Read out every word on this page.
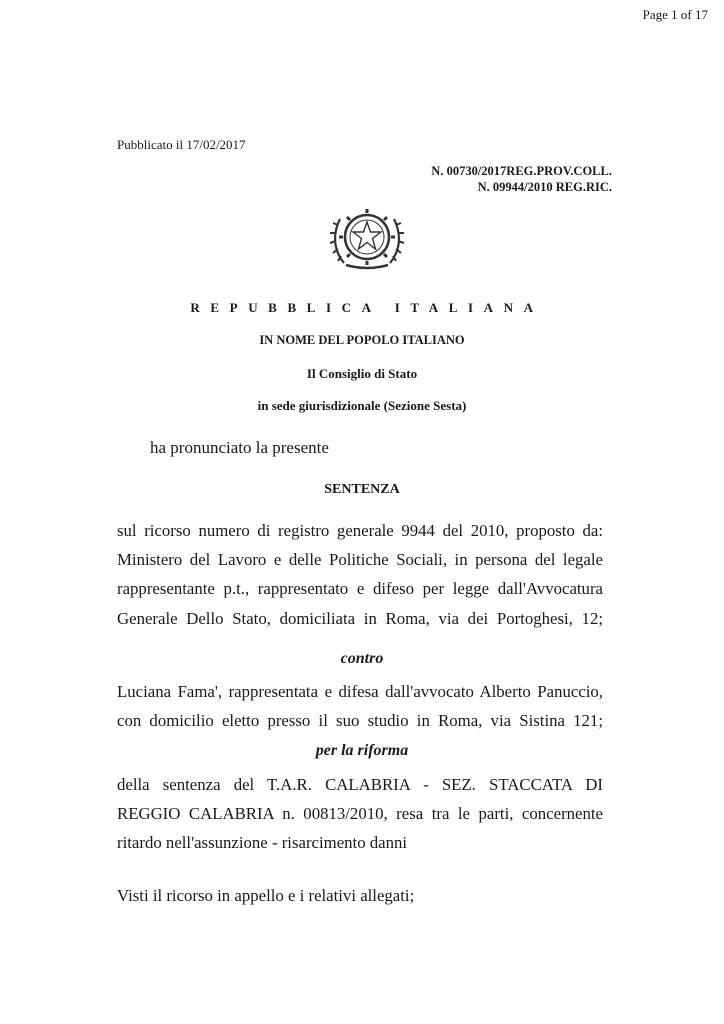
Page 1 of 17
Pubblicato il 17/02/2017
N. 00730/2017REG.PROV.COLL.
N. 09944/2010 REG.RIC.
REPUBBLICA ITALIANA
IN NOME DEL POPOLO ITALIANO
Il Consiglio di Stato
in sede giurisdizionale (Sezione Sesta)
ha pronunciato la presente
SENTENZA
sul ricorso numero di registro generale 9944 del 2010, proposto da:
Ministero del Lavoro e delle Politiche Sociali, in persona del legale
rappresentante p.t., rappresentato e difeso per legge dall'Avvocatura
Generale Dello Stato, domiciliata in Roma, via dei Portoghesi, 12;
contro
Luciana Fama', rappresentata e difesa dall'avvocato Alberto Panuccio,
con domicilio eletto presso il suo studio in Roma, via Sistina 121;
per la riforma
della sentenza del T.A.R. CALABRIA - SEZ. STACCATA DI
REGGIO CALABRIA n. 00813/2010, resa tra le parti, concernente
ritardo nell'assunzione - risarcimento danni
Visti il ricorso in appello e i relativi allegati;
